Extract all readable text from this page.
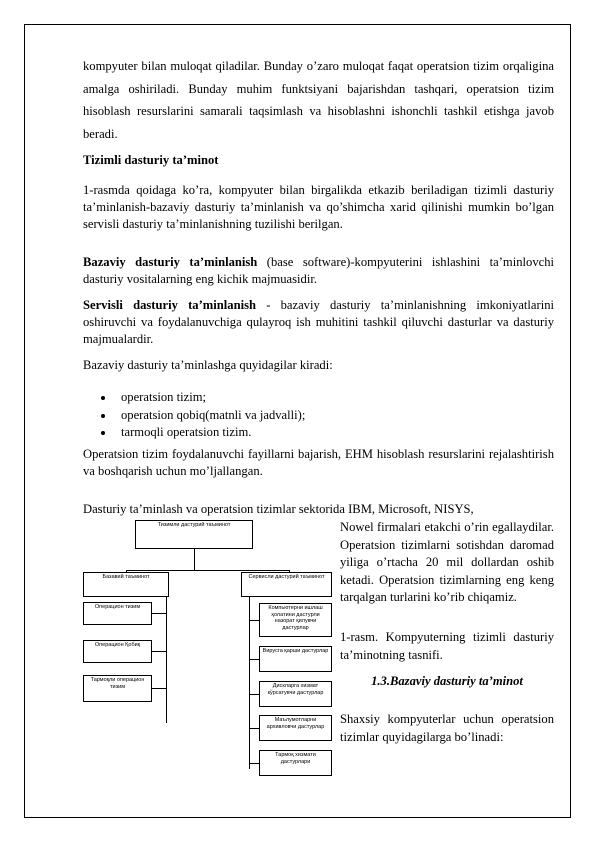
kompyuter bilan muloqat qiladilar. Bunday o’zaro muloqat faqat operatsion tizim orqaligina amalga oshiriladi. Bunday muhim funktsiyani bajarishdan tashqari, operatsion tizim hisoblash resurslarini samarali taqsimlash va hisoblashni ishonchli tashkil etishga javob beradi.

Tizimli dasturiy ta’minot

1-rasmda qoidaga ko’ra, kompyuter bilan birgalikda etkazib beriladigan tizimli dasturiy ta’minlanish-bazaviy dasturiy ta’minlanish va qo’shimcha xarid qilinishi mumkin bo’lgan servisli dasturiy ta’minlanishning tuzilishi berilgan.

Bazaviy dasturiy ta’minlanish (base software)-kompyuterini ishlashini ta’minlovchi dasturiy vositalarning eng kichik majmuasidir.

Servisli dasturiy ta’minlanish - bazaviy dasturiy ta’minlanishning imkoniyatlarini oshiruvchi va foydalanuvchiga qulayroq ish muhitini tashkil qiluvchi dasturlar va dasturiy majmualardir.

Bazaviy dasturiy ta’minlashga quyidagilar kiradi:

operatsion tizim;
operatsion qobiq(matnli va jadvalli);
tarmoqli operatsion tizim.

Operatsion tizim foydalanuvchi fayillarni bajarish, EHM hisoblash resurslarini rejalashtirish va boshqarish uchun mo’ljallangan.

Dasturiy ta’minlash va operatsion tizimlar sektorida IBM, Microsoft, NISYS,

Тизимли дастурий таъминот
Базавий таъминот	Сервисли дастурий таъминот
Операцион тизим
Операцион Қобиқ
Тармоқли операцион тизим
Компьютерни ишлаш ҳолатини дастурли назорат қилувчи дастурлар
Вирусга қарши дастурлар
Дискларга хизмат кўрсатувчи дастурлар
Маълумотларни архивловчи дастурлар
Тармоқ хизмати дастурлари

Nowel firmalari etakchi o’rin egallaydilar. Operatsion tizimlarni sotishdan daromad yiliga o’rtacha 20 mil dollardan oshib ketadi. Operatsion tizimlarning eng keng tarqalgan turlarini ko’rib chiqamiz.

1-rasm. Kompyuterning tizimli dasturiy ta’minotning tasnifi.

1.3.Bazaviy dasturiy ta’minot

Shaxsiy kompyuterlar uchun operatsion tizimlar quyidagilarga bo’linadi:
